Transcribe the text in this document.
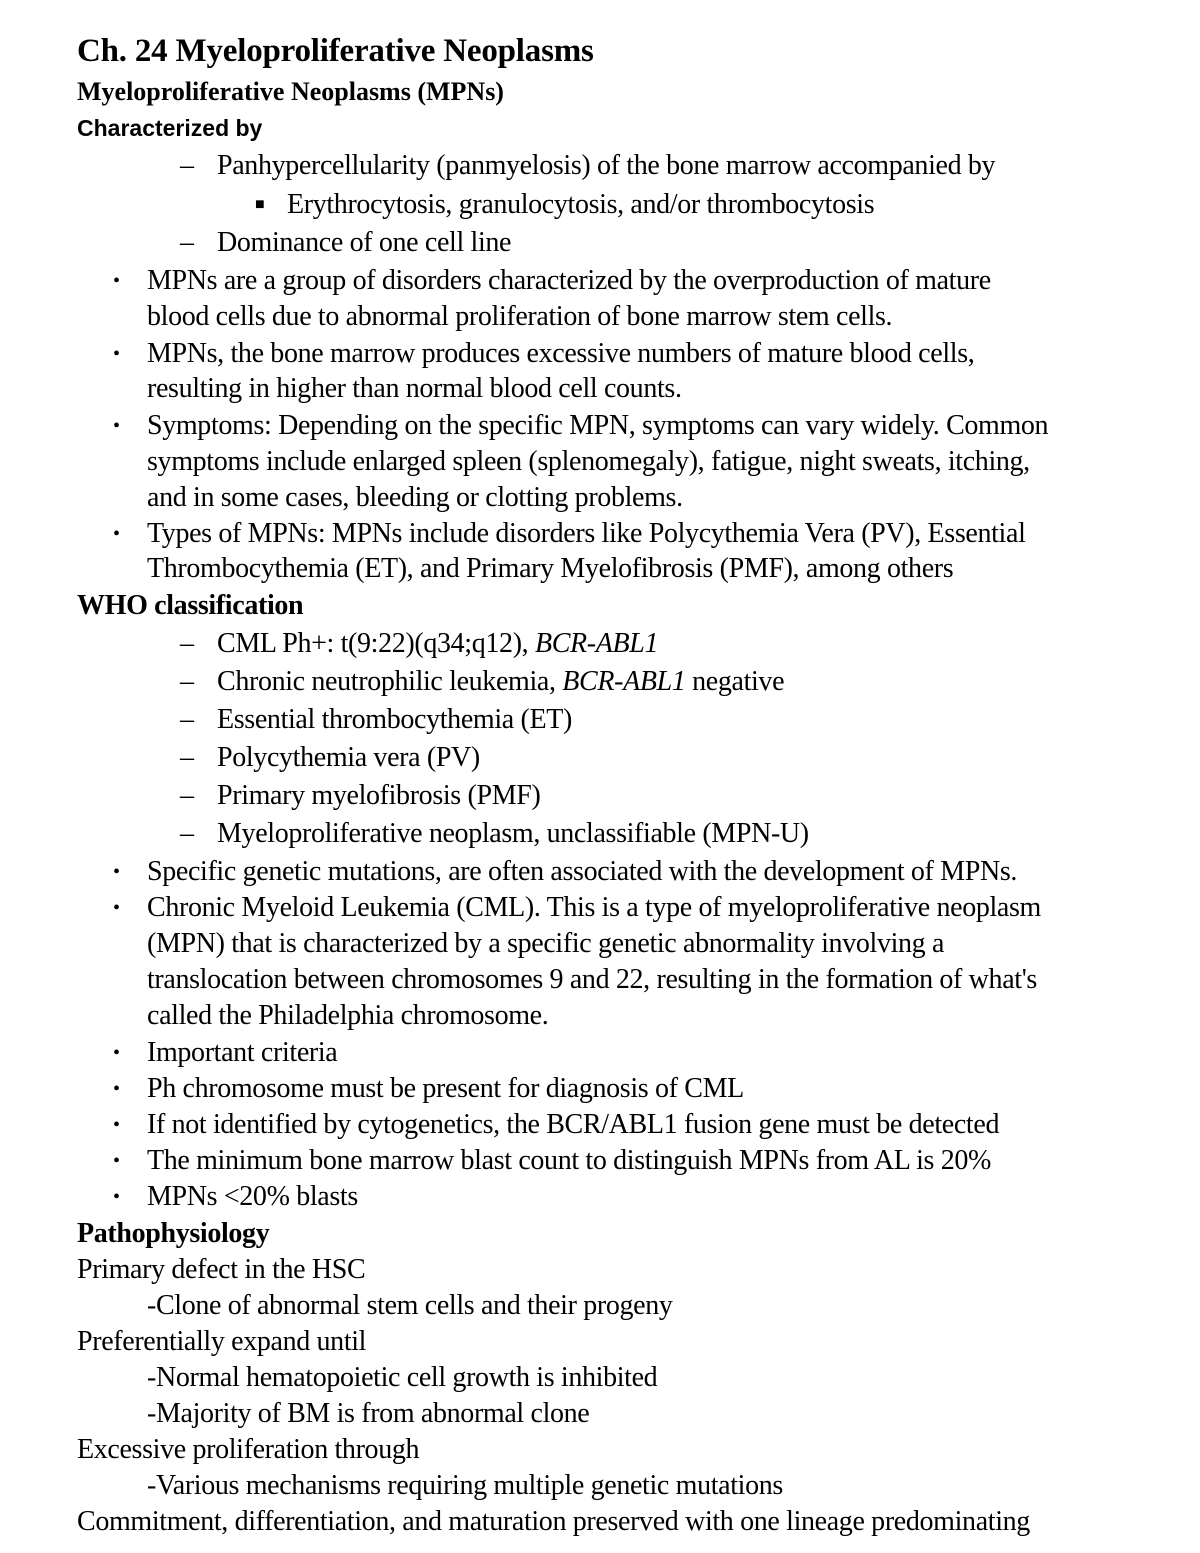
Ch. 24 Myeloproliferative Neoplasms
Myeloproliferative Neoplasms (MPNs)
Characterized by
– Panhypercellularity (panmyelosis) of the bone marrow accompanied by
■ Erythrocytosis, granulocytosis, and/or thrombocytosis
– Dominance of one cell line
• MPNs are a group of disorders characterized by the overproduction of mature
blood cells due to abnormal proliferation of bone marrow stem cells.
• MPNs, the bone marrow produces excessive numbers of mature blood cells,
resulting in higher than normal blood cell counts.
• Symptoms: Depending on the specific MPN, symptoms can vary widely. Common
symptoms include enlarged spleen (splenomegaly), fatigue, night sweats, itching,
and in some cases, bleeding or clotting problems.
• Types of MPNs: MPNs include disorders like Polycythemia Vera (PV), Essential
Thrombocythemia (ET), and Primary Myelofibrosis (PMF), among others
WHO classification
– CML Ph+: t(9:22)(q34;q12), BCR-ABL1
– Chronic neutrophilic leukemia, BCR-ABL1 negative
– Essential thrombocythemia (ET)
– Polycythemia vera (PV)
– Primary myelofibrosis (PMF)
– Myeloproliferative neoplasm, unclassifiable (MPN-U)
• Specific genetic mutations, are often associated with the development of MPNs.
• Chronic Myeloid Leukemia (CML). This is a type of myeloproliferative neoplasm
(MPN) that is characterized by a specific genetic abnormality involving a
translocation between chromosomes 9 and 22, resulting in the formation of what's
called the Philadelphia chromosome.
• Important criteria
• Ph chromosome must be present for diagnosis of CML
• If not identified by cytogenetics, the BCR/ABL1 fusion gene must be detected
• The minimum bone marrow blast count to distinguish MPNs from AL is 20%
• MPNs <20% blasts
Pathophysiology
Primary defect in the HSC
-Clone of abnormal stem cells and their progeny
Preferentially expand until
-Normal hematopoietic cell growth is inhibited
-Majority of BM is from abnormal clone
Excessive proliferation through
-Various mechanisms requiring multiple genetic mutations
Commitment, differentiation, and maturation preserved with one lineage predominating
